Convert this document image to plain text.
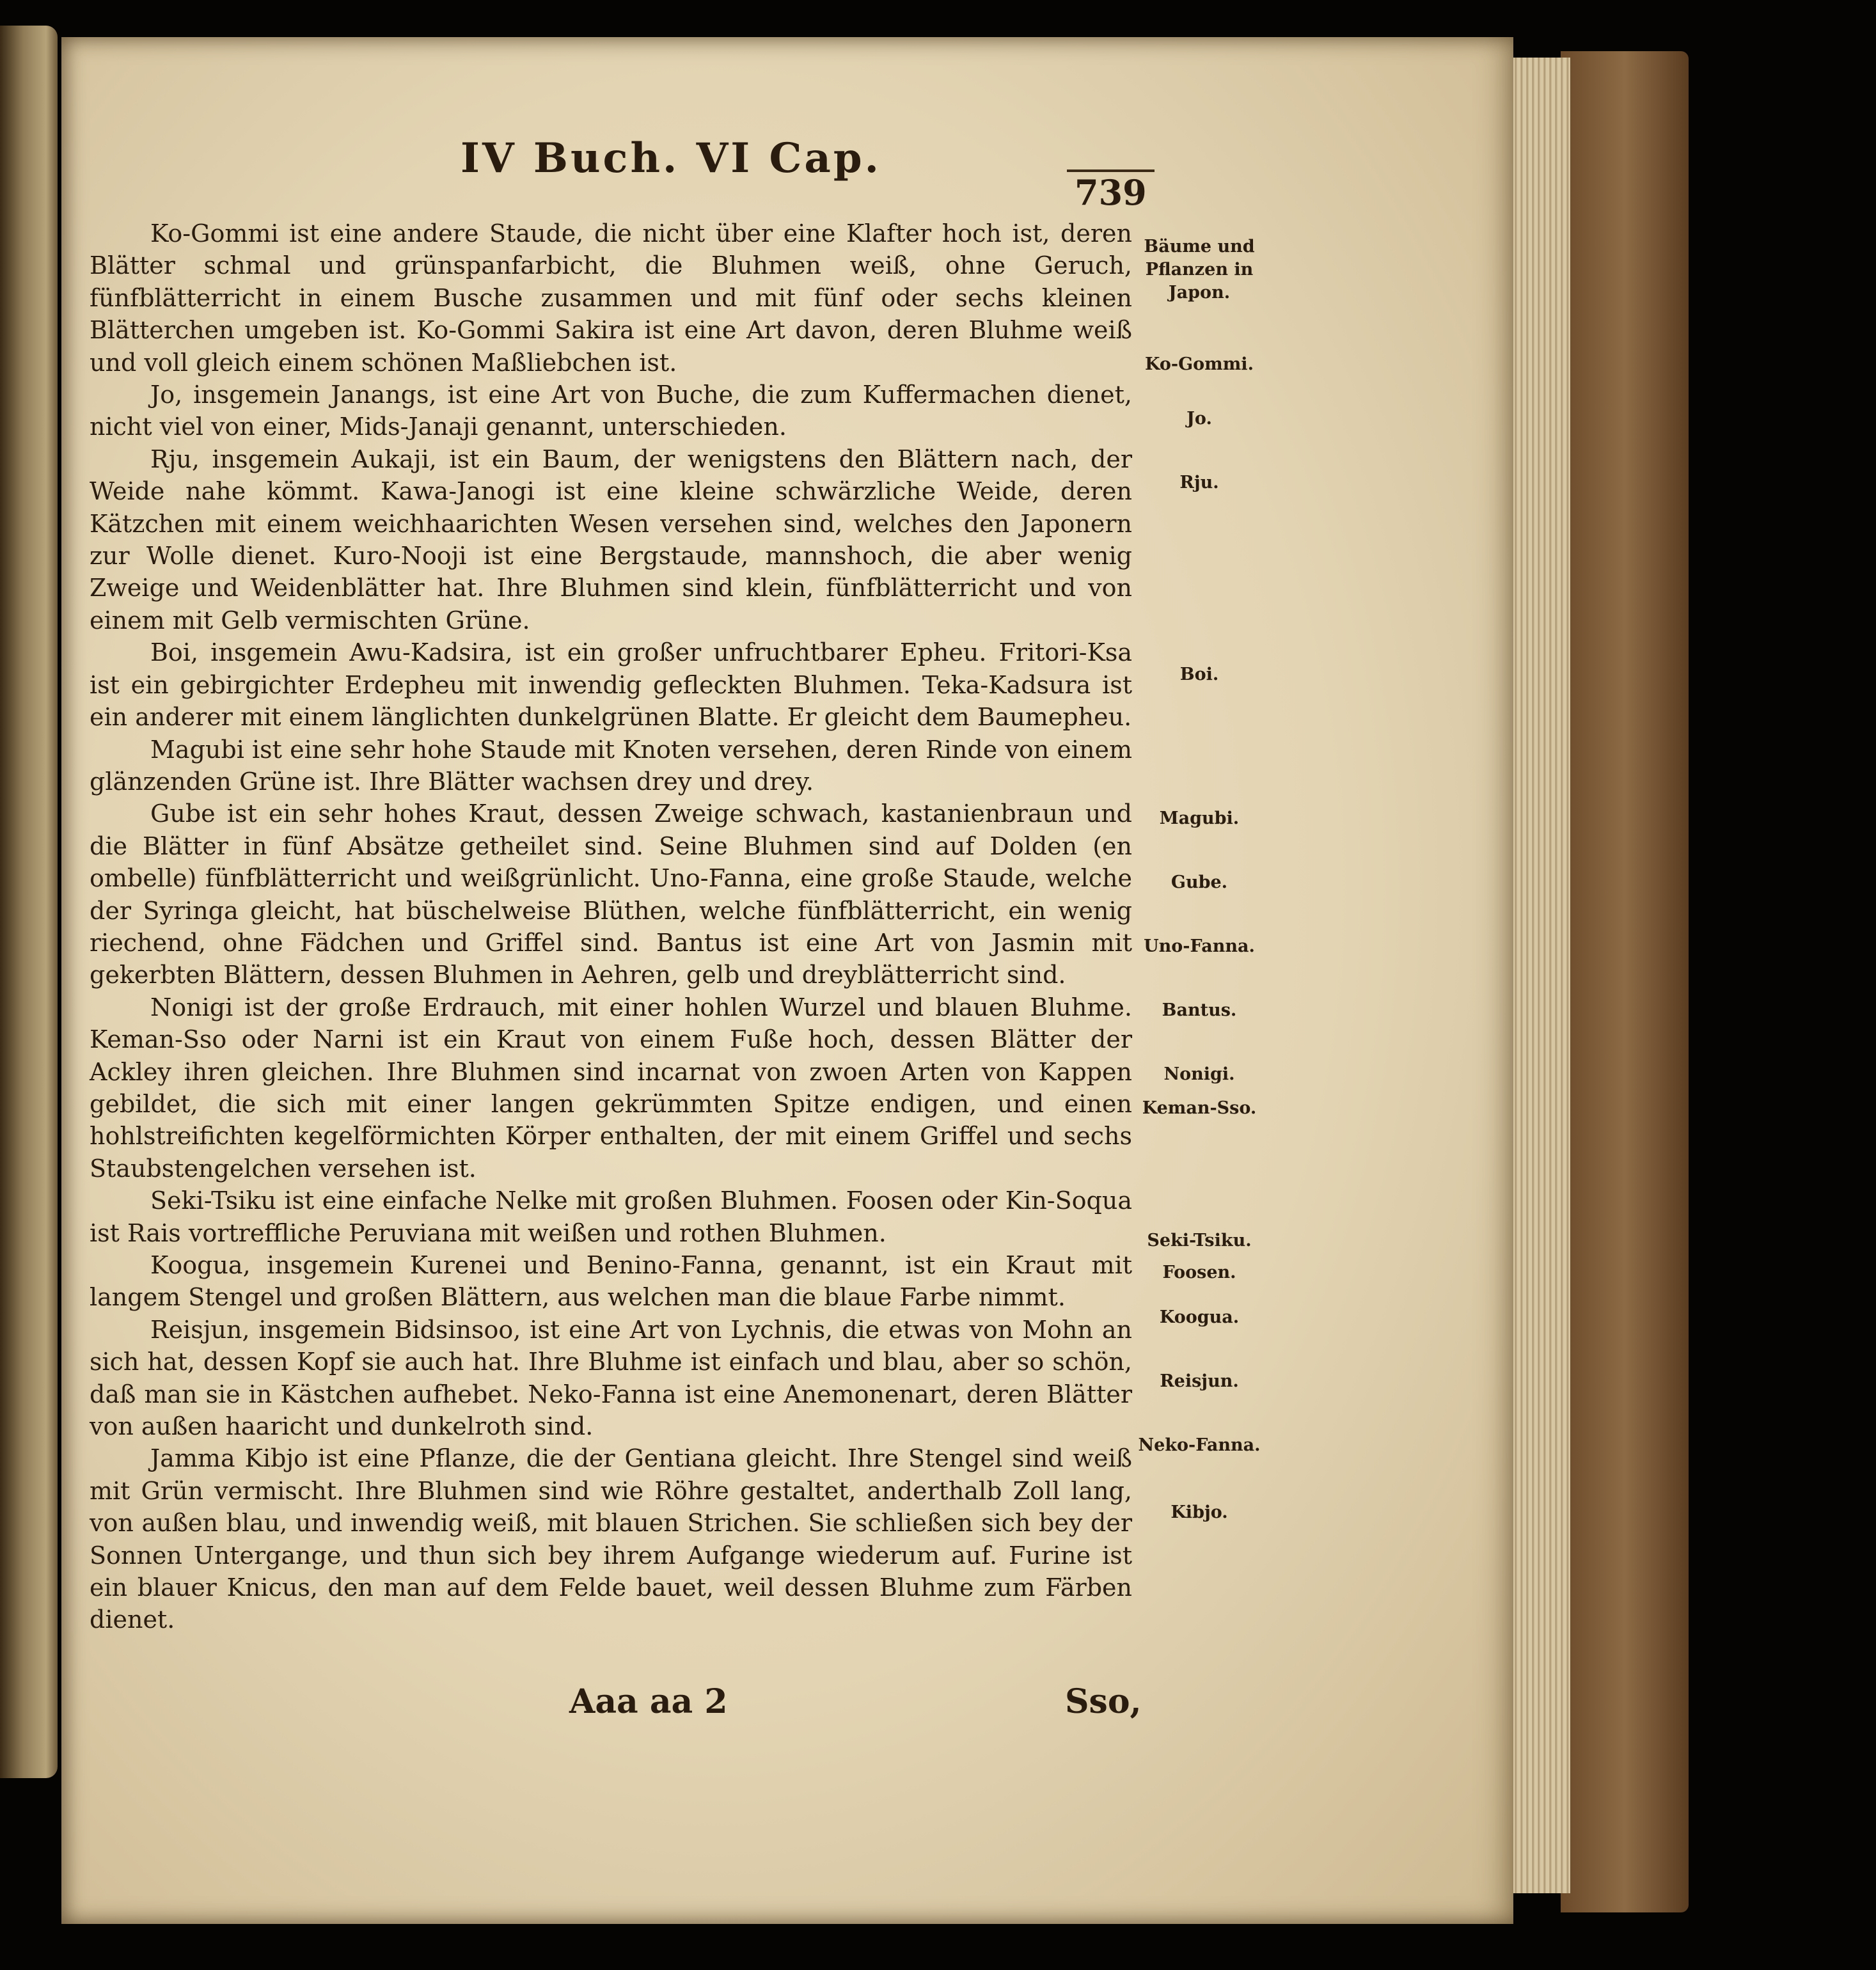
IV Buch. VI Cap.
739

Ko-Gommi ist eine andere Staude, die nicht über eine Klafter hoch ist, deren Blätter schmal und grünspanfarbicht, die Bluhmen weiß, ohne Geruch, fünfblätterricht in einem Busche zusammen und mit fünf oder sechs kleinen Blätterchen umgeben ist. Ko-Gommi Sakira ist eine Art davon, deren Bluhme weiß und voll gleich einem schönen Maßliebchen ist.

Jo, insgemein Janangs, ist eine Art von Buche, die zum Kuffermachen dienet, nicht viel von einer, Mids-Janaji genannt, unterschieden.

Rju, insgemein Aukaji, ist ein Baum, der wenigstens den Blättern nach, der Weide nahe kömmt. Kawa-Janogi ist eine kleine schwärzliche Weide, deren Kätzchen mit einem weichhaarichten Wesen versehen sind, welches den Japonern zur Wolle dienet. Kuro-Nooji ist eine Bergstaude, mannshoch, die aber wenig Zweige und Weidenblätter hat. Ihre Bluhmen sind klein, fünfblätterricht und von einem mit Gelb vermischten Grüne.

Boi, insgemein Awu-Kadsira, ist ein großer unfruchtbarer Epheu. Fritori-Ksa ist ein gebirgichter Erdepheu mit inwendig gefleckten Bluhmen. Teka-Kadsura ist ein anderer mit einem länglichten dunkelgrünen Blatte. Er gleicht dem Baumepheu.

Magubi ist eine sehr hohe Staude mit Knoten versehen, deren Rinde von einem glänzenden Grüne ist. Ihre Blätter wachsen drey und drey.

Gube ist ein sehr hohes Kraut, dessen Zweige schwach, kastanienbraun und die Blätter in fünf Absätze getheilet sind. Seine Bluhmen sind auf Dolden (en ombelle) fünfblätterricht und weißgrünlicht. Uno-Fanna, eine große Staude, welche der Syringa gleicht, hat büschelweise Blüthen, welche fünfblätterricht, ein wenig riechend, ohne Fädchen und Griffel sind. Bantus ist eine Art von Jasmin mit gekerbten Blättern, dessen Bluhmen in Aehren, gelb und dreyblätterricht sind.

Nonigi ist der große Erdrauch, mit einer hohlen Wurzel und blauen Bluhme. Keman-Sso oder Narni ist ein Kraut von einem Fuße hoch, dessen Blätter der Ackley ihren gleichen. Ihre Bluhmen sind incarnat von zwoen Arten von Kappen gebildet, die sich mit einer langen gekrümmten Spitze endigen, und einen hohlstreifichten kegelförmichten Körper enthalten, der mit einem Griffel und sechs Staubstengelchen versehen ist.

Seki-Tsiku ist eine einfache Nelke mit großen Bluhmen. Foosen oder Kin-Soqua ist Rais vortreffliche Peruviana mit weißen und rothen Bluhmen.

Koogua, insgemein Kurenei und Benino-Fanna, genannt, ist ein Kraut mit langem Stengel und großen Blättern, aus welchen man die blaue Farbe nimmt.

Reisjun, insgemein Bidsinsoo, ist eine Art von Lychnis, die etwas von Mohn an sich hat, dessen Kopf sie auch hat. Ihre Bluhme ist einfach und blau, aber so schön, daß man sie in Kästchen aufhebet. Neko-Fanna ist eine Anemonenart, deren Blätter von außen haaricht und dunkelroth sind.

Jamma Kibjo ist eine Pflanze, die der Gentiana gleicht. Ihre Stengel sind weiß mit Grün vermischt. Ihre Bluhmen sind wie Röhre gestaltet, anderthalb Zoll lang, von außen blau, und inwendig weiß, mit blauen Strichen. Sie schließen sich bey der Sonnen Untergange, und thun sich bey ihrem Aufgange wiederum auf. Furine ist ein blauer Knicus, den man auf dem Felde bauet, weil dessen Bluhme zum Färben dienet.

Bäume und Pflanzen in Japon.
Ko-Gommi.
Jo.
Rju.
Boi.
Magubi.
Gube.
Uno-Fanna.
Bantus.
Nonigi.
Keman-Sso.
Seki-Tsiku.
Foosen.
Koogua.
Reisjun.
Neko-Fanna.
Kibjo.
Aaa aa 2	Sso,
